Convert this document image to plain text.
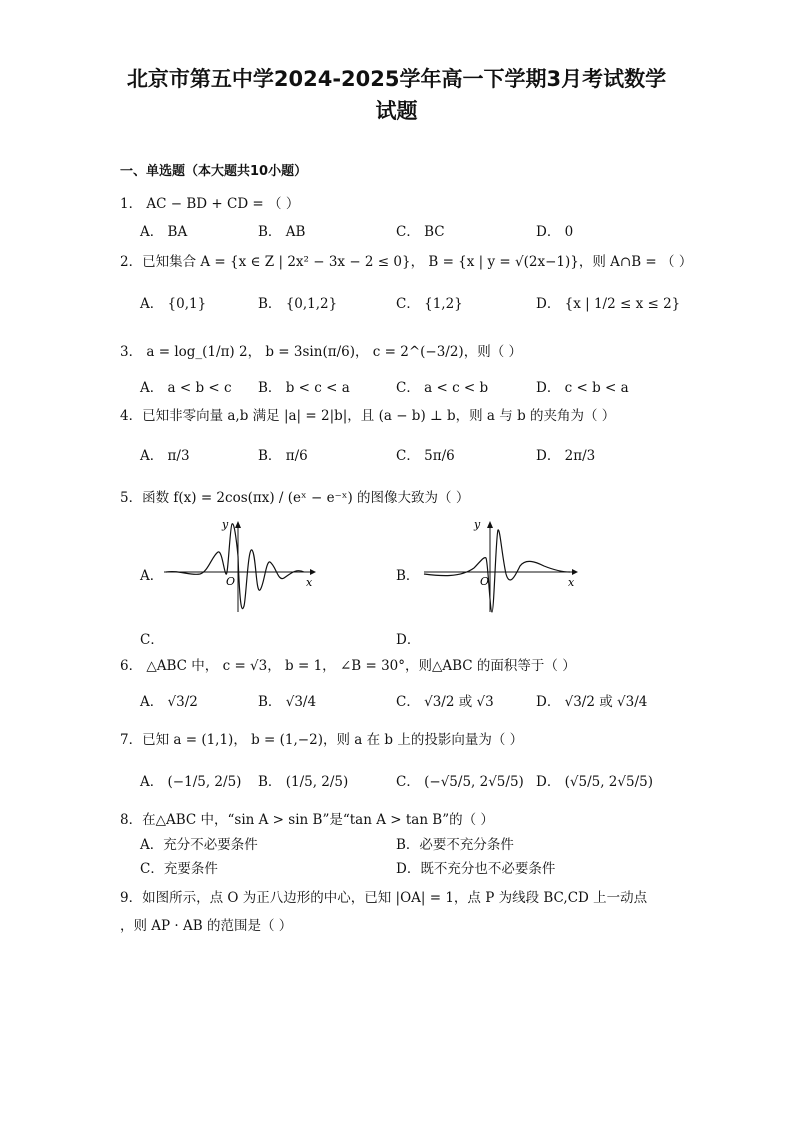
北京市第五中学2024-2025学年高一下学期3月考试数学
试题
一、单选题（本大题共10小题）
1． AC − BD + CD = （ ）
A． BA	B． AB	C． BC	D． 0
2．已知集合 A = {x ∈ Z | 2x² − 3x − 2 ≤ 0}， B = {x | y = √(2x−1)}，则 A∩B = （ ）
A． {0,1}	B． {0,1,2}	C． {1,2}	D． {x | 1/2 ≤ x ≤ 2}
3． a = log_(1/π) 2， b = 3sin(π/6)， c = 2^(−3/2)，则（ ）
A． a < b < c B． b < c < a	C． a < c < b	D． c < b < a
4．已知非零向量 a,b 满足 |a| = 2|b|，且 (a − b) ⊥ b，则 a 与 b 的夹角为（ ）
A． π/3	B． π/6	C． 5π/6	D． 2π/3
5．函数 f(x) = 2cos(πx) / (eˣ − e⁻ˣ) 的图像大致为（ ）
A．	B．
y
x
O
y
x
O
C．	D．
6． △ABC 中， c = √3， b = 1， ∠B = 30°，则△ABC 的面积等于（ ）
A． √3/2	B． √3/4	C． √3/2 或 √3	D． √3/2 或 √3/4
7．已知 a = (1,1)， b = (1,−2)，则 a 在 b 上的投影向量为（ ）
A． (−1/5, 2/5) B． (1/5, 2/5)	C． (−√5/5, 2√5/5) D． (√5/5, 2√5/5)
8．在△ABC 中，“sin A > sin B”是“tan A > tan B”的（ ）
A．充分不必要条件	B．必要不充分条件
C．充要条件	D．既不充分也不必要条件
9．如图所示，点 O 为正八边形的中心，已知 |OA| = 1，点 P 为线段 BC,CD 上一动点
，则 AP · AB 的范围是（ ）
